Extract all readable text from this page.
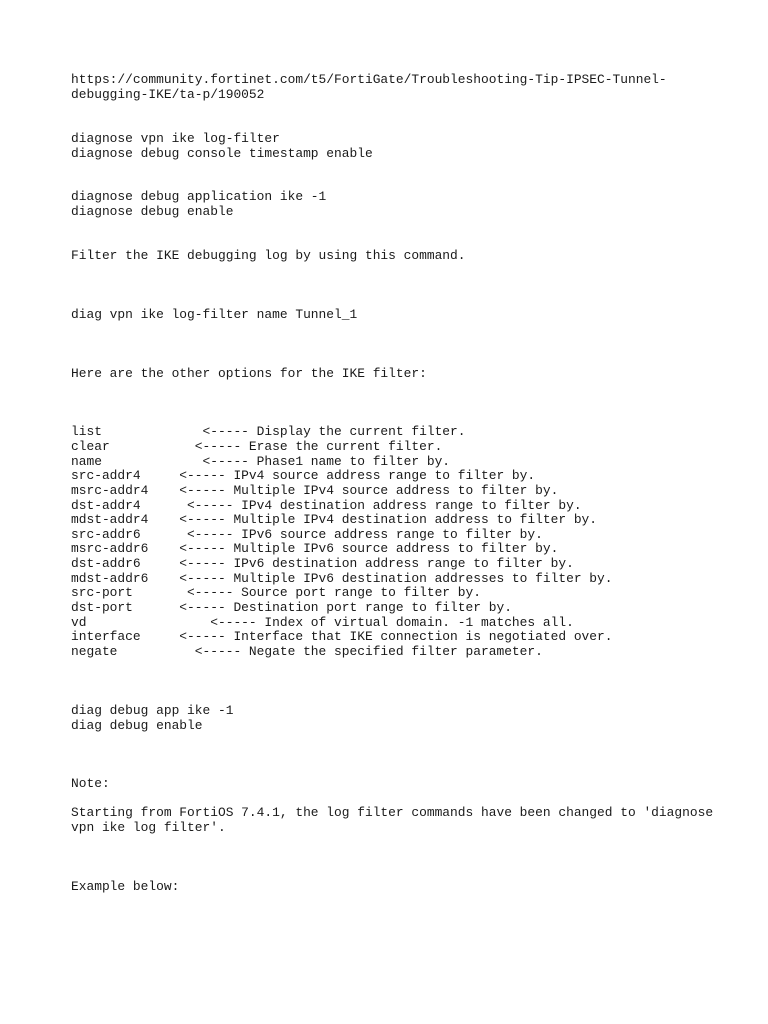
https://community.fortinet.com/t5/FortiGate/Troubleshooting-Tip-IPSEC-Tunnel-
debugging-IKE/ta-p/190052
diagnose vpn ike log-filter
diagnose debug console timestamp enable
diagnose debug application ike -1
diagnose debug enable
Filter the IKE debugging log by using this command.
diag vpn ike log-filter name Tunnel_1
Here are the other options for the IKE filter:
list             <----- Display the current filter.
clear           <----- Erase the current filter.
name             <----- Phase1 name to filter by.
src-addr4     <----- IPv4 source address range to filter by.
msrc-addr4    <----- Multiple IPv4 source address to filter by.
dst-addr4      <----- IPv4 destination address range to filter by.
mdst-addr4    <----- Multiple IPv4 destination address to filter by.
src-addr6      <----- IPv6 source address range to filter by.
msrc-addr6    <----- Multiple IPv6 source address to filter by.
dst-addr6     <----- IPv6 destination address range to filter by.
mdst-addr6    <----- Multiple IPv6 destination addresses to filter by.
src-port       <----- Source port range to filter by.
dst-port      <----- Destination port range to filter by.
vd                <----- Index of virtual domain. -1 matches all.
interface     <----- Interface that IKE connection is negotiated over.
negate          <----- Negate the specified filter parameter.
diag debug app ike -1
diag debug enable
Note:
Starting from FortiOS 7.4.1, the log filter commands have been changed to 'diagnose
vpn ike log filter'.
Example below:
